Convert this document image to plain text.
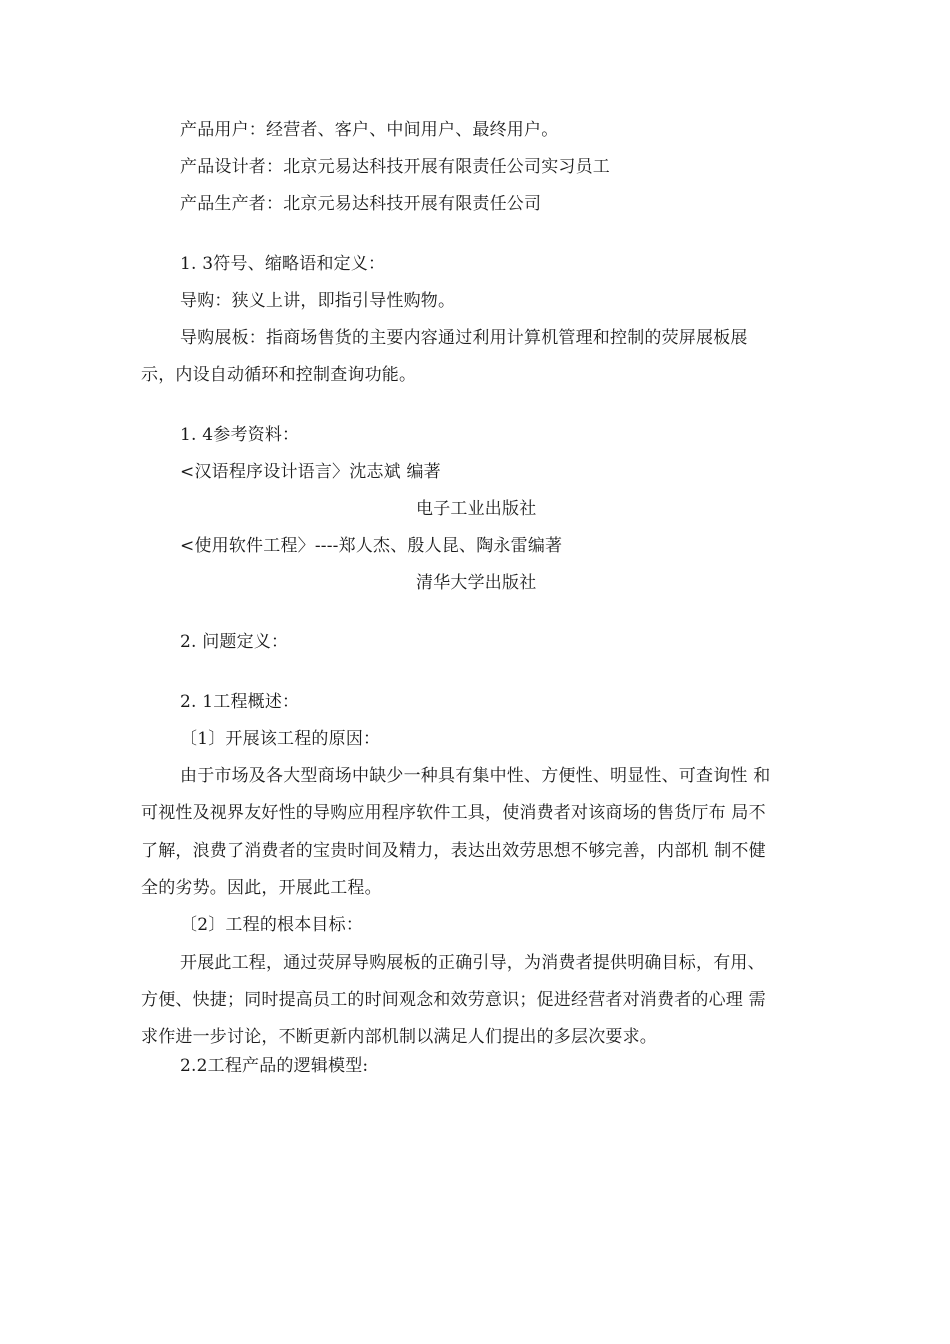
产品用户：经营者、客户、中间用户、最终用户。
产品设计者：北京元易达科技开展有限责任公司实习员工
产品生产者：北京元易达科技开展有限责任公司
1. 3符号、缩略语和定义：
导购：狭义上讲，即指引导性购物。
导购展板：指商场售货的主要内容通过利用计算机管理和控制的荧屏展板展
示，内设自动循环和控制查询功能。
1. 4参考资料：
<汉语程序设计语言〉沈志斌 编著
电子工业出版社
<使用软件工程〉----郑人杰、殷人昆、陶永雷编著
清华大学出版社
2. 问题定义：
2. 1工程概述：
〔1〕开展该工程的原因：
由于市场及各大型商场中缺少一种具有集中性、方便性、明显性、可查询性 和
可视性及视界友好性的导购应用程序软件工具，使消费者对该商场的售货厅布 局不
了解，浪费了消费者的宝贵时间及精力，表达出效劳思想不够完善，内部机 制不健
全的劣势。因此，开展此工程。
〔2〕工程的根本目标：
开展此工程，通过荧屏导购展板的正确引导，为消费者提供明确目标，有用、
方便、快捷；同时提高员工的时间观念和效劳意识；促进经营者对消费者的心理 需
求作进一步讨论，不断更新内部机制以满足人们提出的多层次要求。
2.2工程产品的逻辑模型:
